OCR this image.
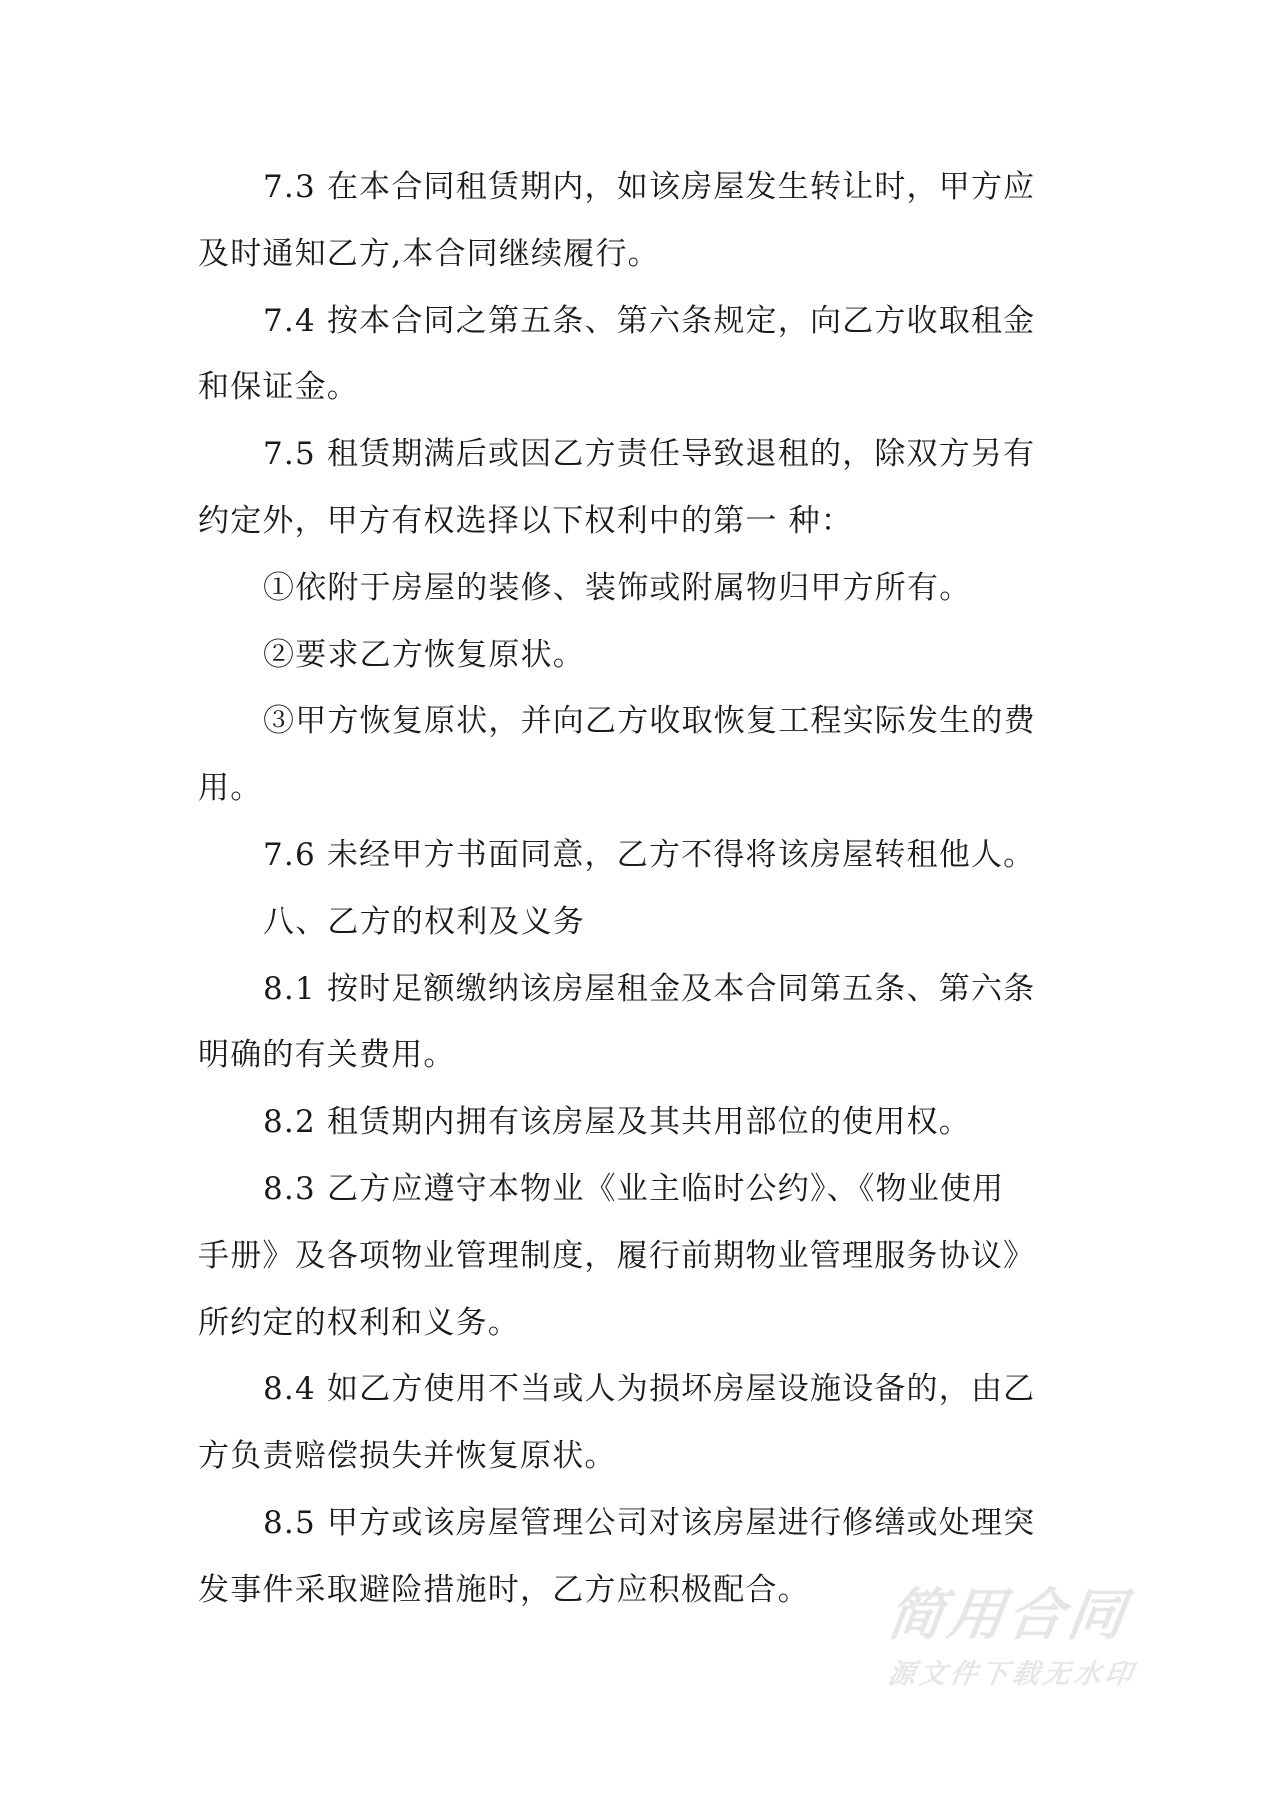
7.3 在本合同租赁期内，如该房屋发生转让时，甲方应
及时通知乙方,本合同继续履行。

7.4 按本合同之第五条、第六条规定，向乙方收取租金
和保证金。

7.5 租赁期满后或因乙方责任导致退租的，除双方另有
约定外，甲方有权选择以下权利中的第一 种：

①依附于房屋的装修、装饰或附属物归甲方所有。

②要求乙方恢复原状。

③甲方恢复原状，并向乙方收取恢复工程实际发生的费
用。

7.6 未经甲方书面同意，乙方不得将该房屋转租他人。

八、乙方的权利及义务

8.1 按时足额缴纳该房屋租金及本合同第五条、第六条
明确的有关费用。

8.2 租赁期内拥有该房屋及其共用部位的使用权。

8.3 乙方应遵守本物业《业主临时公约》、《物业使用
手册》及各项物业管理制度，履行前期物业管理服务协议》
所约定的权利和义务。

8.4 如乙方使用不当或人为损坏房屋设施设备的，由乙
方负责赔偿损失并恢复原状。

8.5 甲方或该房屋管理公司对该房屋进行修缮或处理突
发事件采取避险措施时，乙方应积极配合。	简用合同
源文件下载无水印
